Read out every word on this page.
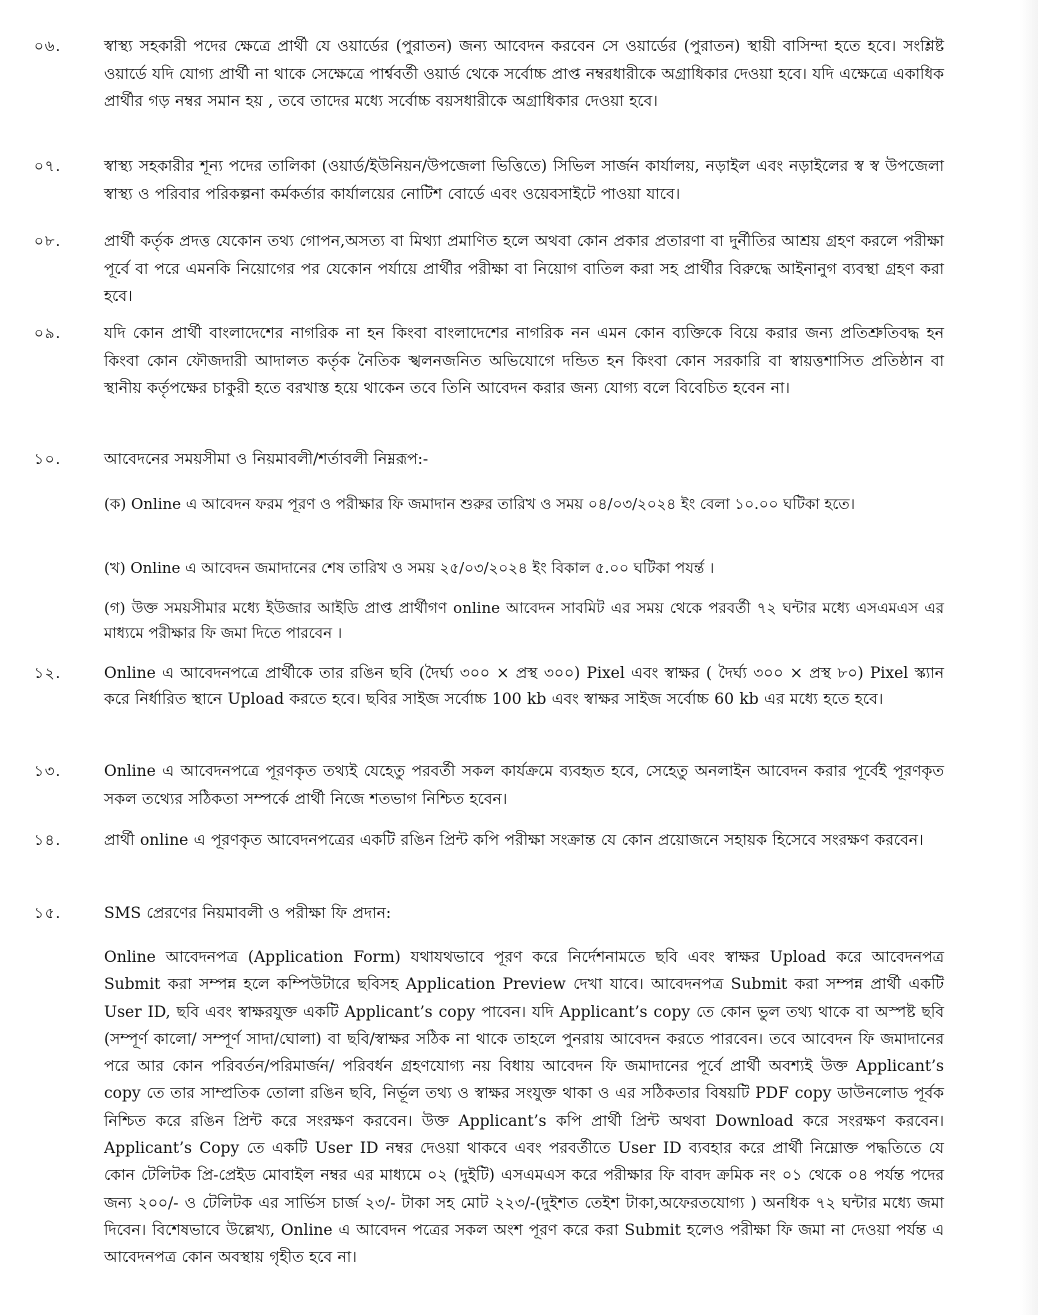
০৬.	স্বাস্থ্য সহকারী পদের ক্ষেত্রে প্রার্থী যে ওয়ার্ডের (পুরাতন) জন্য আবেদন করবেন সে ওয়ার্ডের (পুরাতন) স্থায়ী বাসিন্দা হতে হবে। সংশ্লিষ্ট ওয়ার্ডে যদি যোগ্য প্রার্থী না থাকে সেক্ষেত্রে পার্শ্ববর্তী ওয়ার্ড থেকে সর্বোচ্চ প্রাপ্ত নম্বরধারীকে অগ্রাধিকার দেওয়া হবে। যদি এক্ষেত্রে একাধিক প্রার্থীর গড় নম্বর সমান হয় , তবে তাদের মধ্যে সর্বোচ্চ বয়সধারীকে অগ্রাধিকার দেওয়া হবে।
০৭.	স্বাস্থ্য সহকারীর শূন্য পদের তালিকা (ওয়ার্ড/ইউনিয়ন/উপজেলা ভিত্তিতে) সিভিল সার্জন কার্যালয়, নড়াইল এবং নড়াইলের স্ব স্ব উপজেলা স্বাস্থ্য ও পরিবার পরিকল্পনা কর্মকর্তার কার্যালয়ের নোটিশ বোর্ডে এবং ওয়েবসাইটে পাওয়া যাবে।
০৮.	প্রার্থী কর্তৃক প্রদত্ত যেকোন তথ্য গোপন,অসত্য বা মিথ্যা প্রমাণিত হলে অথবা কোন প্রকার প্রতারণা বা দুর্নীতির আশ্রয় গ্রহণ করলে পরীক্ষা পূর্বে বা পরে এমনকি নিয়োগের পর যেকোন পর্যায়ে প্রার্থীর পরীক্ষা বা নিয়োগ বাতিল করা সহ প্রার্থীর বিরুদ্ধে আইনানুগ ব্যবস্থা গ্রহণ করা হবে।
০৯.	যদি কোন প্রার্থী বাংলাদেশের নাগরিক না হন কিংবা বাংলাদেশের নাগরিক নন এমন কোন ব্যক্তিকে বিয়ে করার জন্য প্রতিশ্রুতিবদ্ধ হন কিংবা কোন ফৌজদারী আদালত কর্তৃক নৈতিক স্খলনজনিত অভিযোগে দন্ডিত হন কিংবা কোন সরকারি বা স্বায়ত্তশাসিত প্রতিষ্ঠান বা স্থানীয় কর্তৃপক্ষের চাকুরী হতে বরখাস্ত হয়ে থাকেন তবে তিনি আবেদন করার জন্য যোগ্য বলে বিবেচিত হবেন না।
১০.	আবেদনের সময়সীমা ও নিয়মাবলী/শর্তাবলী নিম্নরূপ:-
(ক) Online এ আবেদন ফরম পূরণ ও পরীক্ষার ফি জমাদান শুরুর তারিখ ও সময় ০৪/০৩/২০২৪ ইং বেলা ১০.০০ ঘটিকা হতে।
(খ) Online এ আবেদন জমাদানের শেষ তারিখ ও সময় ২৫/০৩/২০২৪ ইং বিকাল ৫.০০ ঘটিকা পযর্ন্ত ।
(গ) উক্ত সময়সীমার মধ্যে ইউজার আইডি প্রাপ্ত প্রার্থীগণ online আবেদন সাবমিট এর সময় থেকে পরবর্তী ৭২ ঘন্টার মধ্যে এসএমএস এর মাধ্যমে পরীক্ষার ফি জমা দিতে পারবেন ।
১২.	Online এ আবেদনপত্রে প্রার্থীকে তার রঙিন ছবি (দৈর্ঘ্য ৩০০ × প্রস্থ ৩০০) Pixel এবং স্বাক্ষর ( দৈর্ঘ্য ৩০০ × প্রস্থ ৮০) Pixel স্ক্যান করে নির্ধারিত স্থানে Upload করতে হবে। ছবির সাইজ সর্বোচ্চ 100 kb এবং স্বাক্ষর সাইজ সর্বোচ্চ 60 kb এর মধ্যে হতে হবে।
১৩.	Online এ আবেদনপত্রে পূরণকৃত তথ্যই যেহেতু পরবর্তী সকল কার্যক্রমে ব্যবহৃত হবে, সেহেতু অনলাইন আবেদন করার পূর্বেই পূরণকৃত সকল তথ্যের সঠিকতা সম্পর্কে প্রার্থী নিজে শতভাগ নিশ্চিত হবেন।
১৪.	প্রার্থী online এ পূরণকৃত আবেদনপত্রের একটি রঙিন প্রিন্ট কপি পরীক্ষা সংক্রান্ত যে কোন প্রয়োজনে সহায়ক হিসেবে সংরক্ষণ করবেন।
১৫.	SMS প্রেরণের নিয়মাবলী ও পরীক্ষা ফি প্রদান:
Online আবেদনপত্র (Application Form) যথাযথভাবে পূরণ করে নির্দেশনামতে ছবি এবং স্বাক্ষর Upload করে আবেদনপত্র Submit করা সম্পন্ন হলে কম্পিউটারে ছবিসহ Application Preview দেখা যাবে। আবেদনপত্র Submit করা সম্পন্ন প্রার্থী একটি User ID, ছবি এবং স্বাক্ষরযুক্ত একটি Applicant’s copy পাবেন। যদি Applicant’s copy তে কোন ভুল তথ্য থাকে বা অস্পষ্ট ছবি (সম্পূর্ণ কালো/ সম্পূর্ণ সাদা/ঘোলা) বা ছবি/স্বাক্ষর সঠিক না থাকে তাহলে পুনরায় আবেদন করতে পারবেন। তবে আবেদন ফি জমাদানের পরে আর কোন পরিবর্তন/পরিমার্জন/ পরিবর্ধন গ্রহণযোগ্য নয় বিধায় আবেদন ফি জমাদানের পূর্বে প্রার্থী অবশ্যই উক্ত Applicant’s copy তে তার সাম্প্রতিক তোলা রঙিন ছবি, নির্ভূল তথ্য ও স্বাক্ষর সংযুক্ত থাকা ও এর সঠিকতার বিষয়টি PDF copy ডাউনলোড পূর্বক নিশ্চিত করে রঙিন প্রিন্ট করে সংরক্ষণ করবেন। উক্ত Applicant’s কপি প্রার্থী প্রিন্ট অথবা Download করে সংরক্ষণ করবেন। Applicant’s Copy তে একটি User ID নম্বর দেওয়া থাকবে এবং পরবর্তীতে User ID ব্যবহার করে প্রার্থী নিম্নোক্ত পদ্ধতিতে যে কোন টেলিটক প্রি-প্রেইড মোবাইল নম্বর এর মাধ্যমে ০২ (দুইটি) এসএমএস করে পরীক্ষার ফি বাবদ ক্রমিক নং ০১ থেকে ০৪ পর্যন্ত পদের জন্য ২০০/- ও টেলিটক এর সার্ভিস চার্জ ২৩/- টাকা সহ মোট ২২৩/-(দুইশত তেইশ টাকা,অফেরতযোগ্য ) অনধিক ৭২ ঘন্টার মধ্যে জমা দিবেন। বিশেষভাবে উল্লেখ্য, Online এ আবেদন পত্রের সকল অংশ পূরণ করে করা Submit হলেও পরীক্ষা ফি জমা না দেওয়া পর্যন্ত এ আবেদনপত্র কোন অবস্থায় গৃহীত হবে না।
